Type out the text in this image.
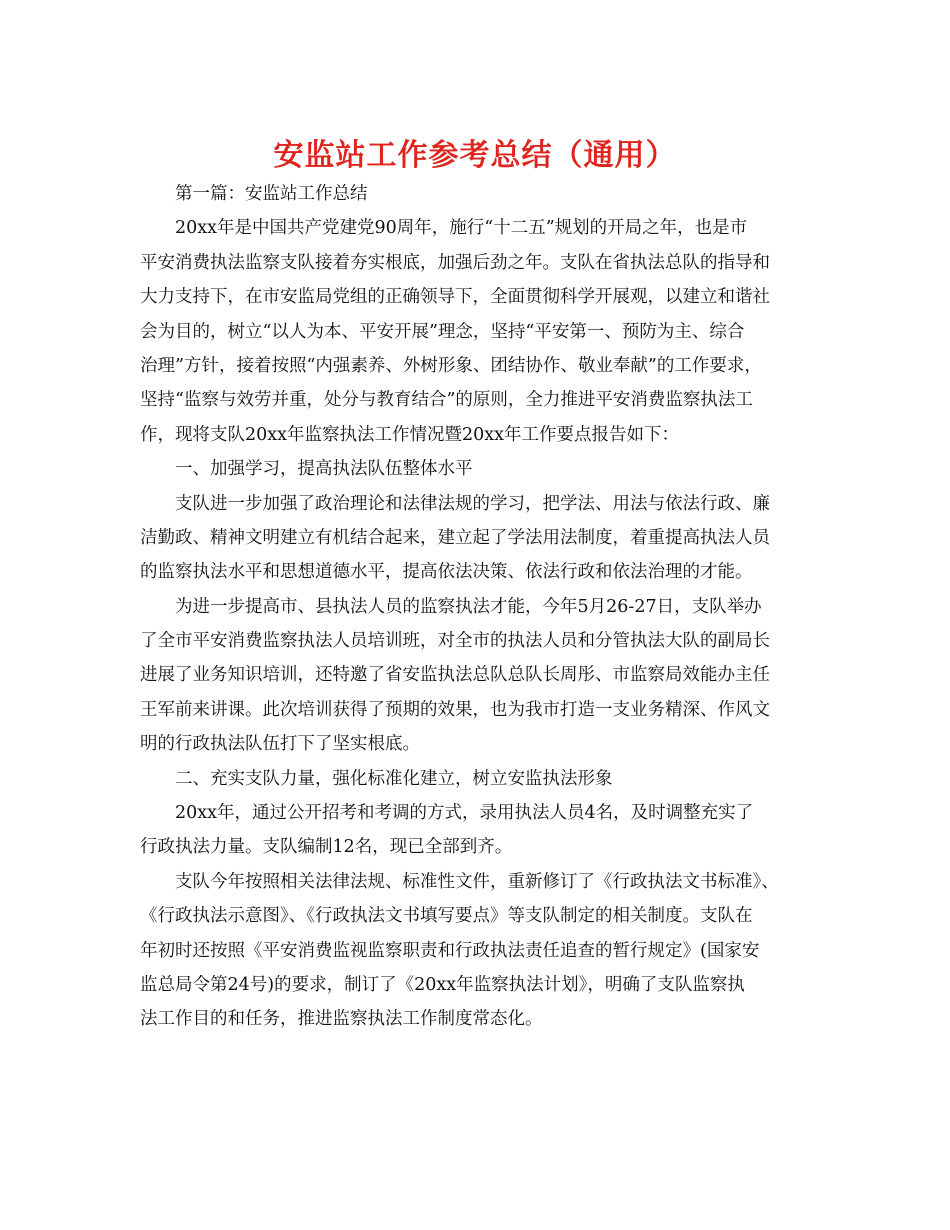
安监站工作参考总结（通用）
第一篇：安监站工作总结
20xx年是中国共产党建党90周年，施行“十二五”规划的开局之年，也是市
平安消费执法监察支队接着夯实根底，加强后劲之年。支队在省执法总队的指导和
大力支持下，在市安监局党组的正确领导下，全面贯彻科学开展观，以建立和谐社
会为目的，树立“以人为本、平安开展”理念，坚持“平安第一、预防为主、综合
治理”方针，接着按照“内强素养、外树形象、团结协作、敬业奉献”的工作要求，
坚持“监察与效劳并重，处分与教育结合”的原则，全力推进平安消费监察执法工
作，现将支队20xx年监察执法工作情况暨20xx年工作要点报告如下：
一、加强学习，提高执法队伍整体水平
支队进一步加强了政治理论和法律法规的学习，把学法、用法与依法行政、廉
洁勤政、精神文明建立有机结合起来，建立起了学法用法制度，着重提高执法人员
的监察执法水平和思想道德水平，提高依法决策、依法行政和依法治理的才能。
为进一步提高市、县执法人员的监察执法才能，今年5月26-27日，支队举办
了全市平安消费监察执法人员培训班，对全市的执法人员和分管执法大队的副局长
进展了业务知识培训，还特邀了省安监执法总队总队长周彤、市监察局效能办主任
王军前来讲课。此次培训获得了预期的效果，也为我市打造一支业务精深、作风文
明的行政执法队伍打下了坚实根底。
二、充实支队力量，强化标准化建立，树立安监执法形象
20xx年，通过公开招考和考调的方式，录用执法人员4名，及时调整充实了
行政执法力量。支队编制12名，现已全部到齐。
支队今年按照相关法律法规、标准性文件，重新修订了《行政执法文书标准》、
《行政执法示意图》、《行政执法文书填写要点》等支队制定的相关制度。支队在
年初时还按照《平安消费监视监察职责和行政执法责任追查的暂行规定》(国家安
监总局令第24号)的要求，制订了《20xx年监察执法计划》，明确了支队监察执
法工作目的和任务，推进监察执法工作制度常态化。
